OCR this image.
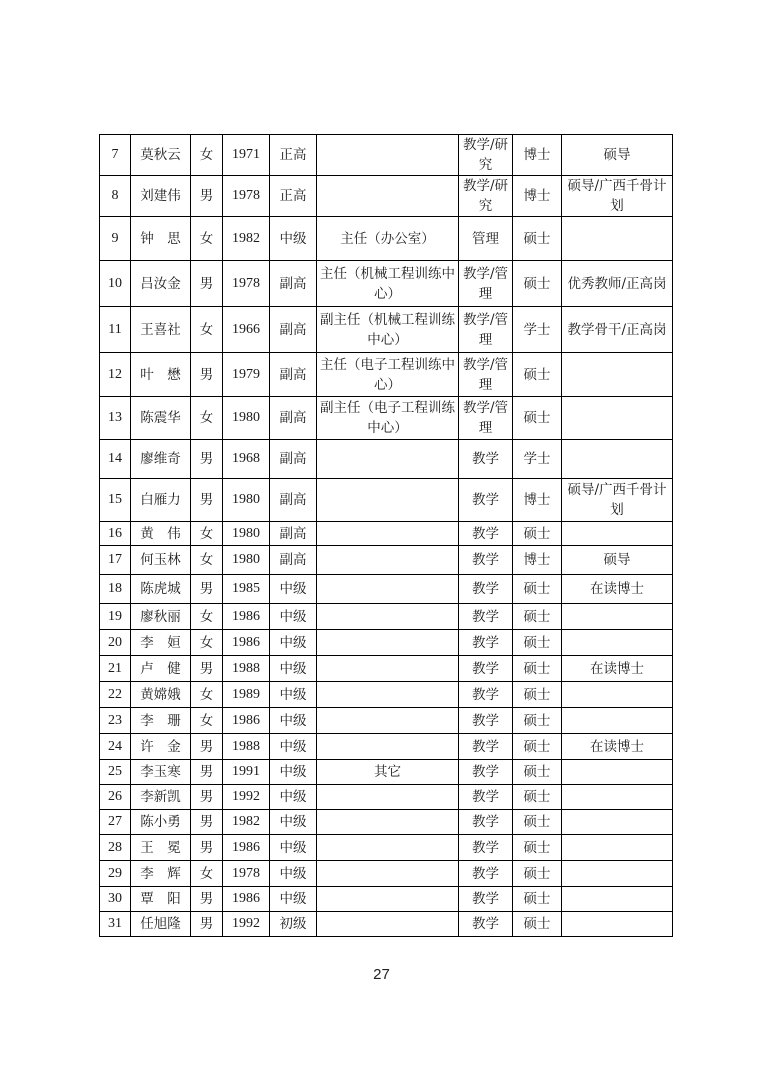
7	莫秋云	女	1971	正高		教学/研究	博士	硕导
8	刘建伟	男	1978	正高		教学/研究	博士	硕导/广西千骨计划
9	钟　思	女	1982	中级	主任（办公室）	管理	硕士	
10	吕汝金	男	1978	副高	主任（机械工程训练中心）	教学/管理	硕士	优秀教师/正高岗
11	王喜社	女	1966	副高	副主任（机械工程训练中心）	教学/管理	学士	教学骨干/正高岗
12	叶　懋	男	1979	副高	主任（电子工程训练中心）	教学/管理	硕士	
13	陈震华	女	1980	副高	副主任（电子工程训练中心）	教学/管理	硕士	
14	廖维奇	男	1968	副高		教学	学士	
15	白雁力	男	1980	副高		教学	博士	硕导/广西千骨计划
16	黄　伟	女	1980	副高		教学	硕士	
17	何玉林	女	1980	副高		教学	博士	硕导
18	陈虎城	男	1985	中级		教学	硕士	在读博士
19	廖秋丽	女	1986	中级		教学	硕士	
20	李　姮	女	1986	中级		教学	硕士	
21	卢　健	男	1988	中级		教学	硕士	在读博士
22	黄嫦娥	女	1989	中级		教学	硕士	
23	李　珊	女	1986	中级		教学	硕士	
24	许　金	男	1988	中级		教学	硕士	在读博士
25	李玉寒	男	1991	中级	其它	教学	硕士	
26	李新凯	男	1992	中级		教学	硕士	
27	陈小勇	男	1982	中级		教学	硕士	
28	王　冕	男	1986	中级		教学	硕士	
29	李　辉	女	1978	中级		教学	硕士	
30	覃　阳	男	1986	中级		教学	硕士	
31	任旭隆	男	1992	初级		教学	硕士	
27
